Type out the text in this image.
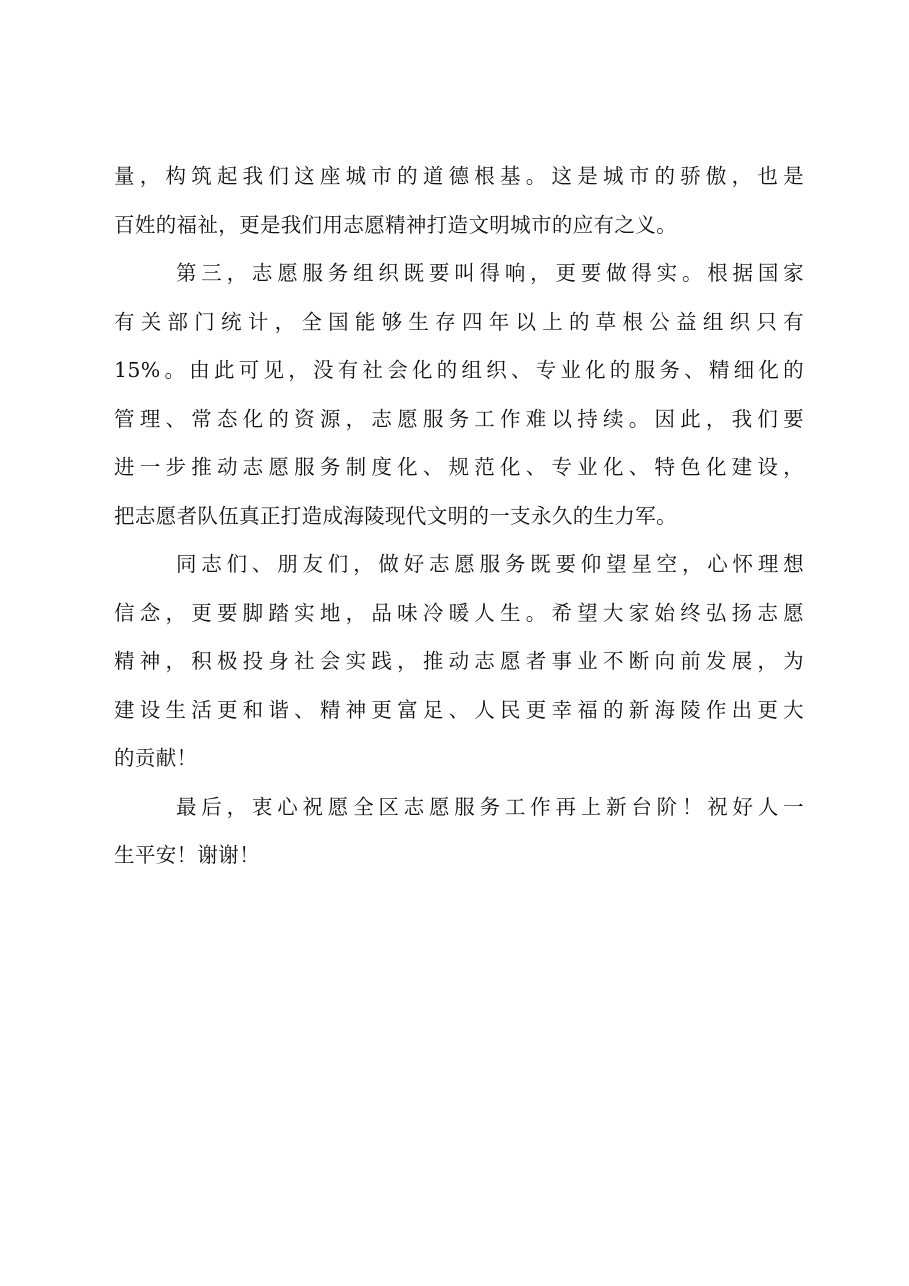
量，构筑起我们这座城市的道德根基。这是城市的骄傲，也是
百姓的福祉，更是我们用志愿精神打造文明城市的应有之义。
第三，志愿服务组织既要叫得响，更要做得实。根据国家
有关部门统计，全国能够生存四年以上的草根公益组织只有
15%。由此可见，没有社会化的组织、专业化的服务、精细化的
管理、常态化的资源，志愿服务工作难以持续。因此，我们要
进一步推动志愿服务制度化、规范化、专业化、特色化建设，
把志愿者队伍真正打造成海陵现代文明的一支永久的生力军。
同志们、朋友们，做好志愿服务既要仰望星空，心怀理想
信念，更要脚踏实地，品味冷暖人生。希望大家始终弘扬志愿
精神，积极投身社会实践，推动志愿者事业不断向前发展，为
建设生活更和谐、精神更富足、人民更幸福的新海陵作出更大
的贡献！
最后，衷心祝愿全区志愿服务工作再上新台阶！祝好人一
生平安！谢谢！
